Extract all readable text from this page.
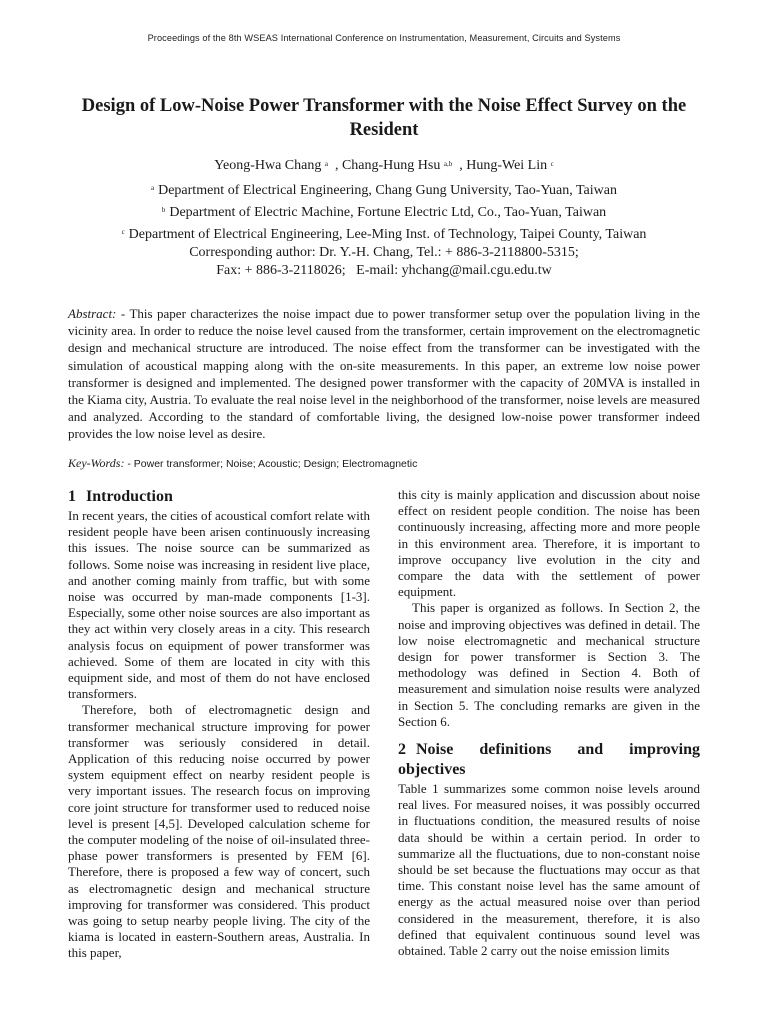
Proceedings of the 8th WSEAS International Conference on Instrumentation, Measurement, Circuits and Systems
Design of Low-Noise Power Transformer with the Noise Effect Survey on the Resident
Yeong-Hwa Chang $^a$  , Chang-Hung Hsu $^{a,b}$  , Hung-Wei Lin $^c$
$^a$ Department of Electrical Engineering, Chang Gung University, Tao-Yuan, Taiwan
$^b$ Department of Electric Machine, Fortune Electric Ltd, Co., Tao-Yuan, Taiwan
$^c$ Department of Electrical Engineering, Lee-Ming Inst. of Technology, Taipei County, Taiwan
Corresponding author: Dr. Y.-H. Chang, Tel.: + 886-3-2118800-5315;
Fax: + 886-3-2118026;   E-mail: yhchang@mail.cgu.edu.tw
Abstract: - This paper characterizes the noise impact due to power transformer setup over the population living in the vicinity area. In order to reduce the noise level caused from the transformer, certain improvement on the electromagnetic design and mechanical structure are introduced. The noise effect from the transformer can be investigated with the simulation of acoustical mapping along with the on-site measurements. In this paper, an extreme low noise power transformer is designed and implemented. The designed power transformer with the capacity of 20MVA is installed in the Kiama city, Austria. To evaluate the real noise level in the neighborhood of the transformer, noise levels are measured and analyzed. According to the standard of comfortable living, the designed low-noise power transformer indeed provides the low noise level as desire.
Key-Words: - Power transformer; Noise; Acoustic; Design; Electromagnetic
1 Introduction

In recent years, the cities of acoustical comfort relate with resident people have been arisen continuously increasing this issues. The noise source can be summarized as follows. Some noise was increasing in resident live place, and another coming mainly from traffic, but with some noise was occurred by man-made components [1-3]. Especially, some other noise sources are also important as they act within very closely areas in a city. This research analysis focus on equipment of power transformer was achieved. Some of them are located in city with this equipment side, and most of them do not have enclosed transformers.

Therefore, both of electromagnetic design and transformer mechanical structure improving for power transformer was seriously considered in detail. Application of this reducing noise occurred by power system equipment effect on nearby resident people is very important issues. The research focus on improving core joint structure for transformer used to reduced noise level is present [4,5]. Developed calculation scheme for the computer modeling of the noise of oil-insulated three-phase power transformers is presented by FEM [6]. Therefore, there is proposed a few way of concert, such as electromagnetic design and mechanical structure improving for transformer was considered. This product was going to setup nearby people living. The city of the kiama is located in eastern-Southern areas, Australia. In this paper,

this city is mainly application and discussion about noise effect on resident people condition. The noise has been continuously increasing, affecting more and more people in this environment area. Therefore, it is important to improve occupancy live evolution in the city and compare the data with the settlement of power equipment.

This paper is organized as follows. In Section 2, the noise and improving objectives was defined in detail. The low noise electromagnetic and mechanical structure design for power transformer is Section 3. The methodology was defined in Section 4. Both of measurement and simulation noise results were analyzed in Section 5. The concluding remarks are given in the Section 6.

2 Noise definitions and improving objectives

Table 1 summarizes some common noise levels around real lives. For measured noises, it was possibly occurred in fluctuations condition, the measured results of noise data should be within a certain period. In order to summarize all the fluctuations, due to non-constant noise should be set because the fluctuations may occur as that time. This constant noise level has the same amount of energy as the actual measured noise over than period considered in the measurement, therefore, it is also defined that equivalent continuous sound level was obtained. Table 2 carry out the noise emission limits
